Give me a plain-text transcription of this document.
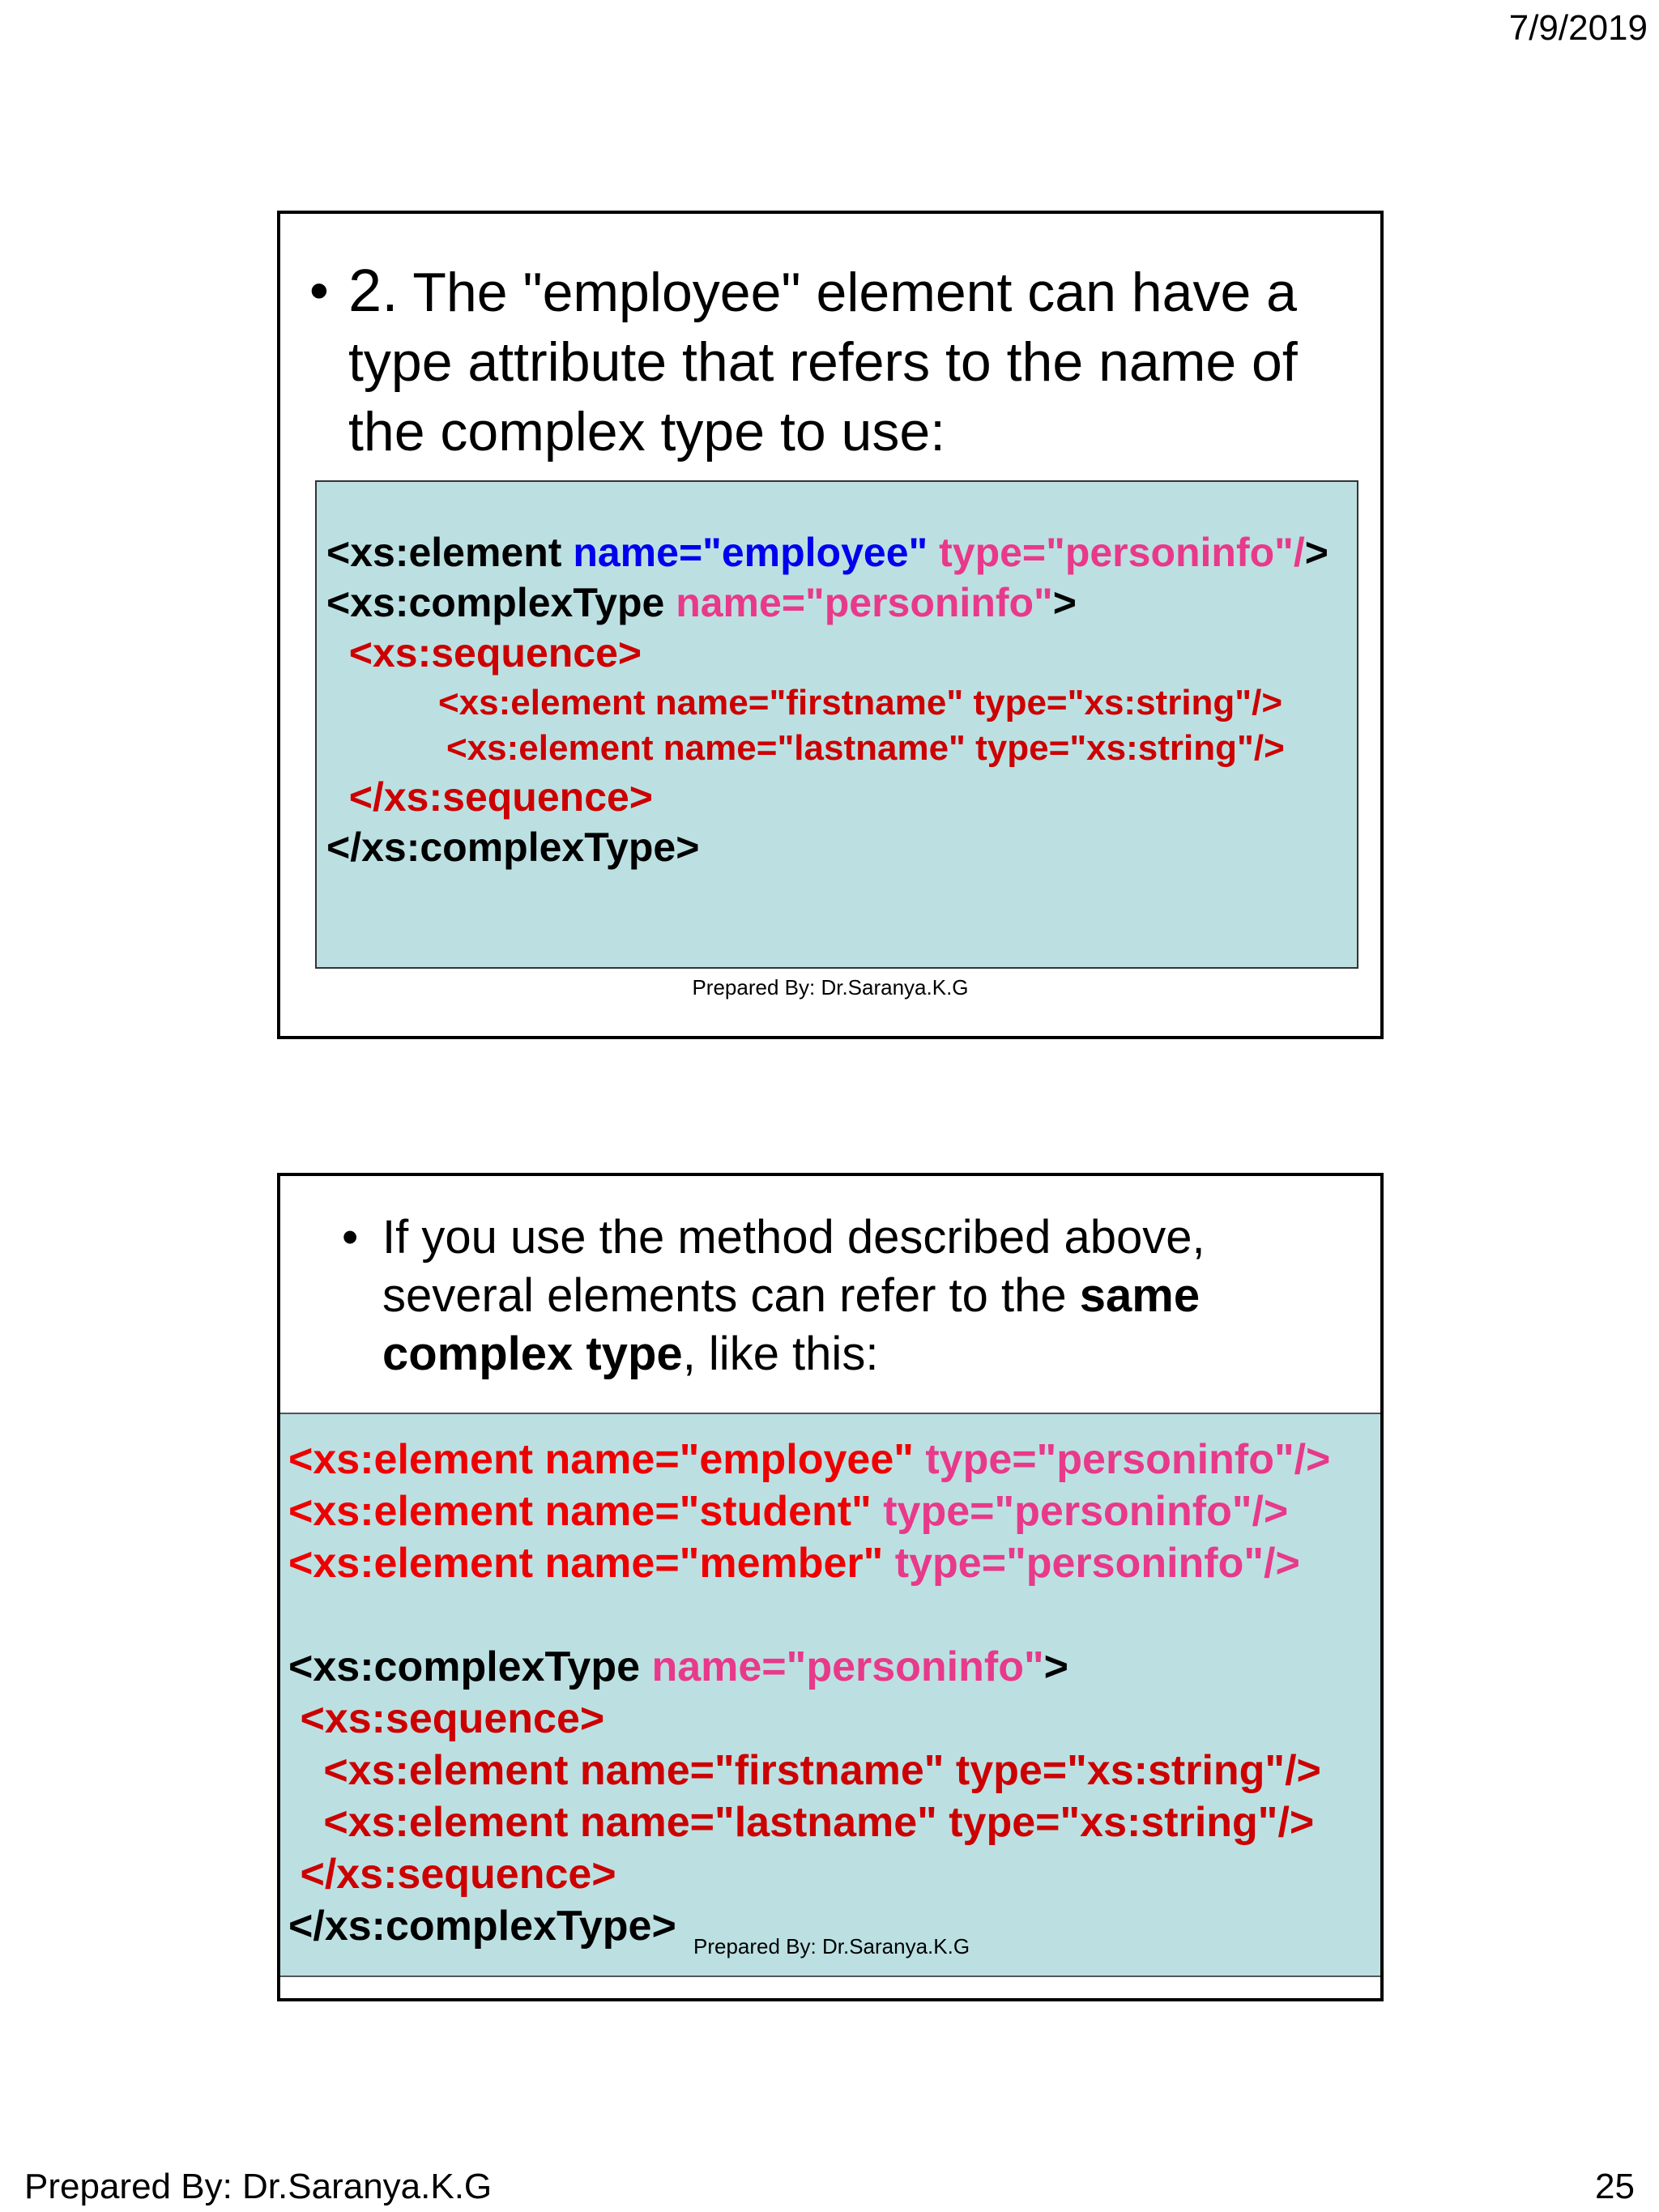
7/9/2019
• 2. The "employee" element can have a
type attribute that refers to the name of
the complex type to use:

<xs:element name="employee" type="personinfo"/>

<xs:complexType name="personinfo">

<xs:sequence>

<xs:element name="firstname" type="xs:string"/>

<xs:element name="lastname" type="xs:string"/>

</xs:sequence>

</xs:complexType>

Prepared By: Dr.Saranya.K.G
• If you use the method described above,
several elements can refer to the same
complex type, like this:

<xs:element name="employee" type="personinfo"/>

<xs:element name="student" type="personinfo"/>

<xs:element name="member" type="personinfo"/>

<xs:complexType name="personinfo">

<xs:sequence>

<xs:element name="firstname" type="xs:string"/>

<xs:element name="lastname" type="xs:string"/>

</xs:sequence>

</xs:complexType>

Prepared By: Dr.Saranya.K.G

Prepared By: Dr.Saranya.K.G	25
